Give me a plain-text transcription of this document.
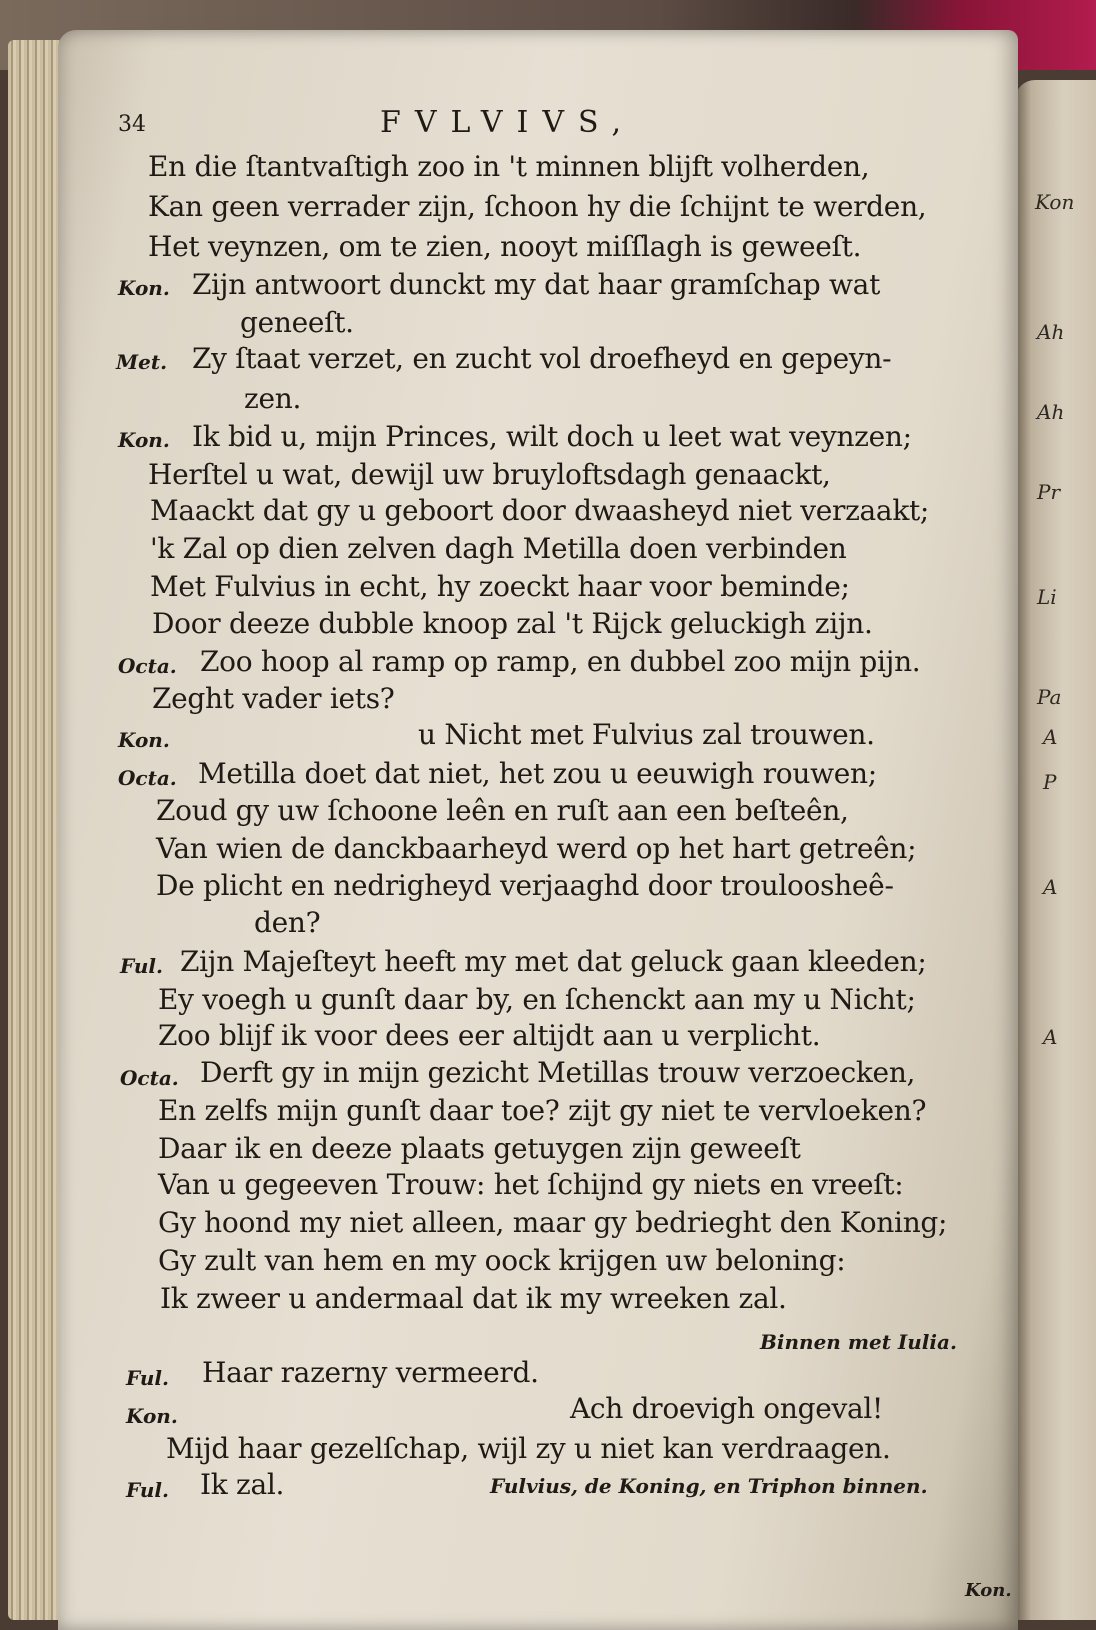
Kon
Ah
Ah
Pr
Li
Pa
A
P
A
A
34	FVLVIVS,
En die ſtantvaſtigh zoo in 't minnen blijft volherden,
Kan geen verrader zijn, ſchoon hy die ſchijnt te werden,
Het veynzen, om te zien, nooyt miſſlagh is geweeſt.
Kon. Zijn antwoort dunckt my dat haar gramſchap wat
geneeſt.
Met. Zy ſtaat verzet, en zucht vol droefheyd en gepeyn-
zen.
Kon. Ik bid u, mijn Princes, wilt doch u leet wat veynzen;
Herſtel u wat, dewijl uw bruyloftsdagh genaackt,
Maackt dat gy u geboort door dwaasheyd niet verzaakt;
'k Zal op dien zelven dagh Metilla doen verbinden
Met Fulvius in echt, hy zoeckt haar voor beminde;
Door deeze dubble knoop zal 't Rijck geluckigh zijn.
Octa. Zoo hoop al ramp op ramp, en dubbel zoo mijn pijn.
Zeght vader iets?
Kon.	u Nicht met Fulvius zal trouwen.
Octa. Metilla doet dat niet, het zou u eeuwigh rouwen;
Zoud gy uw ſchoone leên en ruſt aan een beſteên,
Van wien de danckbaarheyd werd op het hart getreên;
De plicht en nedrigheyd verjaaghd door trouloosheê-
den?
Ful. Zijn Majeſteyt heeft my met dat geluck gaan kleeden;
Ey voegh u gunſt daar by, en ſchenckt aan my u Nicht;
Zoo blijf ik voor dees eer altijdt aan u verplicht.
Octa. Derft gy in mijn gezicht Metillas trouw verzoecken,
En zelfs mijn gunſt daar toe? zijt gy niet te vervloeken?
Daar ik en deeze plaats getuygen zijn geweeſt
Van u gegeeven Trouw: het ſchijnd gy niets en vreeſt:
Gy hoond my niet alleen, maar gy bedrieght den Koning;
Gy zult van hem en my oock krijgen uw beloning:
Ik zweer u andermaal dat ik my wreeken zal.
Binnen met Iulia.
Ful. Haar razerny vermeerd.
Kon.	Ach droevigh ongeval!
Mijd haar gezelſchap, wijl zy u niet kan verdraagen.
Ful. Ik zal.	Fulvius, de Koning, en Triphon binnen.
Kon.
